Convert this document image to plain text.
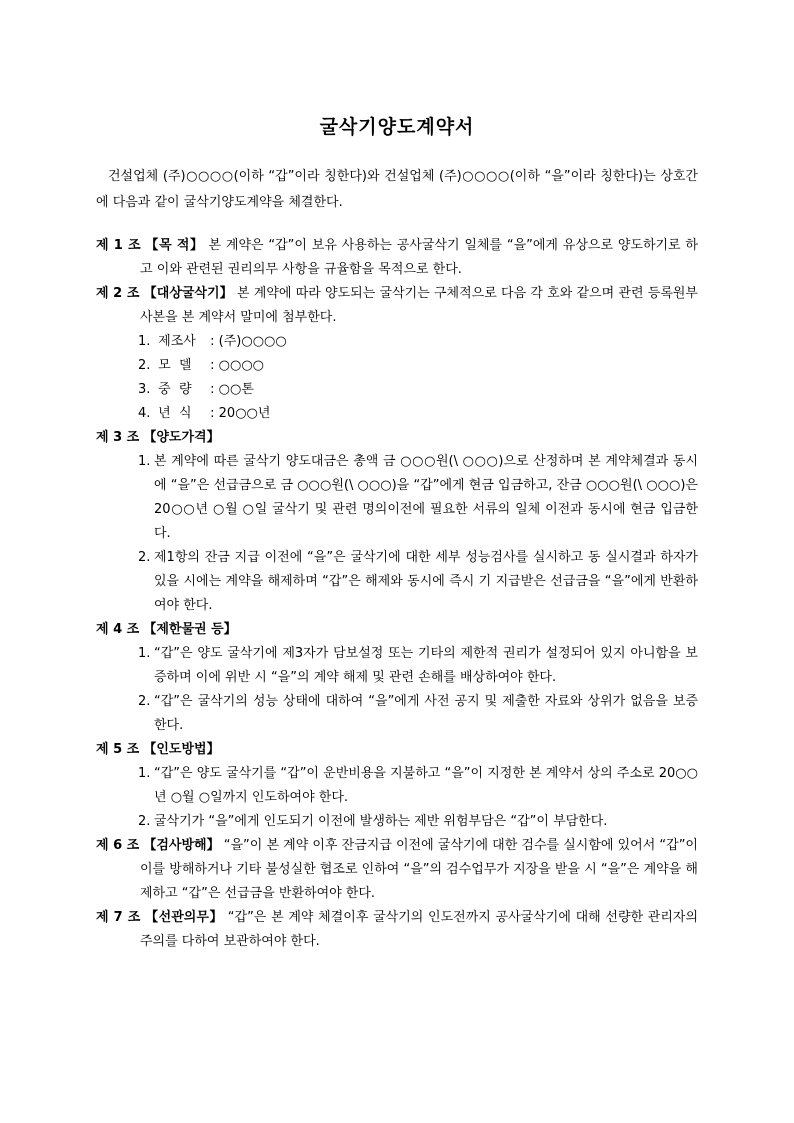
굴삭기양도계약서
건설업체 (주)○○○○(이하 “갑”이라 칭한다)와 건설업체 (주)○○○○(이하 “을”이라 칭한다)는 상호간에 다음과 같이 굴삭기양도계약을 체결한다.
제 1 조 【목 적】 본 계약은 “갑”이 보유 사용하는 공사굴삭기 일체를 “을”에게 유상으로 양도하기로 하고 이와 관련된 권리의무 사항을 규율함을 목적으로 한다.
제 2 조 【대상굴삭기】 본 계약에 따라 양도되는 굴삭기는 구체적으로 다음 각 호와 같으며 관련 등록원부사본을 본 계약서 말미에 첨부한다.
1. 제조사 : (주)○○○○
2. 모  델 : ○○○○
3. 중  량 : ○○톤
4. 년  식 : 20○○년
제 3 조 【양도가격】
1. 본 계약에 따른 굴삭기 양도대금은 총액 금 ○○○원(\ ○○○)으로 산정하며 본 계약체결과 동시에 “을”은 선급금으로 금 ○○○원(\ ○○○)을 “갑”에게 현금 입금하고, 잔금 ○○○원(\ ○○○)은 20○○년 ○월 ○일 굴삭기 및 관련 명의이전에 필요한 서류의 일체 이전과 동시에 현금 입금한다.
2. 제1항의 잔금 지급 이전에 “을”은 굴삭기에 대한 세부 성능검사를 실시하고 동 실시결과 하자가 있을 시에는 계약을 해제하며 “갑”은 해제와 동시에 즉시 기 지급받은 선급금을 “을”에게 반환하여야 한다.
제 4 조 【제한물권 등】
1. “갑”은 양도 굴삭기에 제3자가 담보설정 또는 기타의 제한적 권리가 설정되어 있지 아니함을 보증하며 이에 위반 시 “을”의 계약 해제 및 관련 손해를 배상하여야 한다.
2. “갑”은 굴삭기의 성능 상태에 대하여 “을”에게 사전 공지 및 제출한 자료와 상위가 없음을 보증한다.
제 5 조 【인도방법】
1. “갑”은 양도 굴삭기를 “갑”이 운반비용을 지불하고 “을”이 지정한 본 계약서 상의 주소로 20○○년 ○월 ○일까지 인도하여야 한다.
2. 굴삭기가 “을”에게 인도되기 이전에 발생하는 제반 위험부담은 “갑”이 부담한다.
제 6 조 【검사방해】 “을”이 본 계약 이후 잔금지급 이전에 굴삭기에 대한 검수를 실시함에 있어서 “갑”이 이를 방해하거나 기타 불성실한 협조로 인하여 “을”의 검수업무가 지장을 받을 시 “을”은 계약을 해제하고 “갑”은 선급금을 반환하여야 한다.
제 7 조 【선관의무】 “갑”은 본 계약 체결이후 굴삭기의 인도전까지 공사굴삭기에 대해 선량한 관리자의 주의를 다하여 보관하여야 한다.
